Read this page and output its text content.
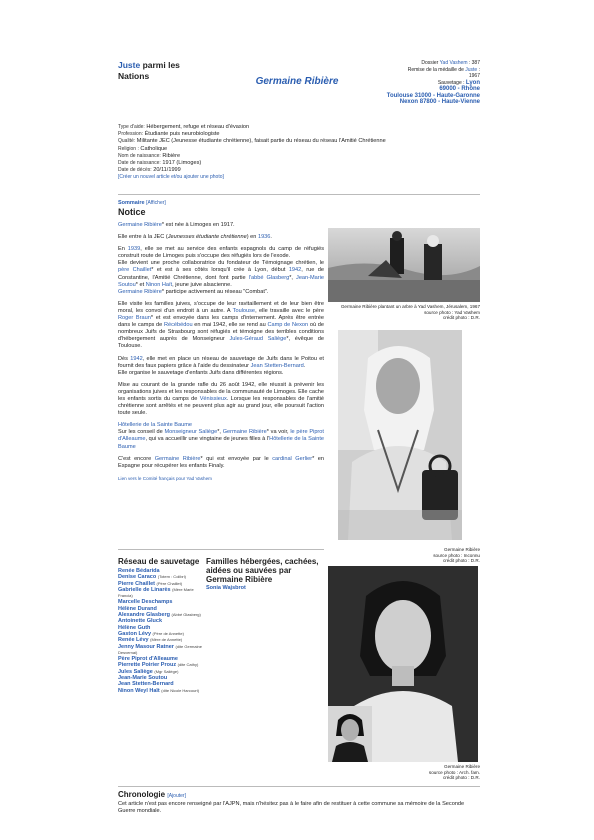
Juste parmi les
Nations	Germaine Ribière
Dossier Yad Vashem : 387
Remise de la médaille de Juste :
1967
Sauvetage : Lyon
69000 - Rhône
Toulouse 31000 - Haute-Garonne
Nexon 87800 - Haute-Vienne
Type d'aide: Hébergement, refuge et réseau d'évasion
Profession: Étudiante puis neurobiologiste
Qualité: Militante JEC (Jeunesse étudiante chrétienne), faisait partie du réseau du réseau l'Amitié Chrétienne
Religion : Catholique
Nom de naissance: Ribière
Date de naissance: 1917 (Limoges)
Date de décès: 20/11/1999
[Créer un nouvel article et/ou ajouter une photo]
Sommaire [Afficher]
Notice

Germaine Ribière* est née à Limoges en 1917.

Elle entre à la JEC (Jeunesses étudiante chrétienne) en 1936.

En 1939, elle se met au service des enfants espagnols du camp de réfugiés construit route de Limoges puis s'occupe des réfugiés lors de l'exode.
Elle devient une proche collaboratrice du fondateur de Témoignage chrétien, le père Chaillet* et est à ses côtés lorsqu'il crée à Lyon, début 1942, rue de Constantine, l'Amitié Chrétienne, dont font partie l'abbé Glasberg*, Jean-Marie Soutou* et Ninon Haït, jeune juive alsacienne.
Germaine Ribière* participe activement au réseau "Combat".

Elle visite les familles juives, s'occupe de leur ravitaillement et de leur bien être moral, les convoi d'un endroit à un autre. A Toulouse, elle travaille avec le père Roger Braun* et est envoyée dans les camps d'internement. Après être entrée dans le camps de Récébédou en mai 1942, elle se rend au Camp de Nexon où de nombreux Juifs de Strasbourg sont réfugiés et témoigne des terribles conditions d'hébergement auprès de Monseigneur Jules-Géraud Saliège*, évêque de Toulouse.

Dès 1942, elle met en place un réseau de sauvetage de Juifs dans le Poitou et fournit des faux papiers grâce à l'aide du dessinateur Jean Stetten-Bernard.
Elle organise le sauvetage d'enfants Juifs dans différentes régions.

Mise au courant de la grande rafle du 26 août 1942, elle réussit à prévenir les organisations juives et les responsables de la communauté de Limoges. Elle cache les enfants sortis du camps de Vénissieux. Lorsque les responsables de l'amitié chrétienne sont arrêtés et ne peuvent plus agir au grand jour, elle poursuit l'action toute seule.

Hôtellerie de la Sainte Baume
Sur les conseil de Monseigneur Saliège*, Germaine Ribière* va voir, le père Piprot d'Alleaume, qui va accueillir une vingtaine de jeunes filles à l'Hôtellerie de la Sainte Baume

C'est encore Germaine Ribière* qui est envoyée par le cardinal Gerlier* en Espagne pour récupérer les enfants Finaly.

Lien vers le Comité français pour Yad Vashem

Germaine Ribière plantant un arbre à Yad Vashem, Jérusalem, 1967
source photo : Yad Vashem
crédit photo : D.R.
Germaine Ribière
source photo : Inconnu
crédit photo : D.R.
Germaine Ribière
source photo : Arch. fam.
crédit photo : D.R.
Réseau de sauvetage
Renée Bédarida
Denise Caraco (Totem : Colibri)
Pierre Chaillet (Père Chaillet)
Gabrielle de Linarès (Mère Marie Francia)
Marcelle Deschamps
Hélène Durand
Alexandre Glasberg (Abbé Glasberg)
Antoinette Gluck
Hélène Guth
Gaston Lévy (Père de Annette)
Renée Lévy (Mère de Annette)
Jenny Masour Ratner (dite Germaine Desvernai)
Père Piprot d'Alleaume
Pierrette Poirier Prouz (dite Cathy)
Jules Saliège (Mgr Saliège)
Jean-Marie Soutou
Jean Stetten-Bernard
Ninon Weyl Haït (dite Nicole Harcourt)
Familles hébergées, cachées, aidées ou sauvées par Germaine Ribière
Sonia Wajsbrot
Chronologie [Ajouter]
Cet article n'est pas encore renseigné par l'AJPN, mais n'hésitez pas à le faire afin de restituer à cette commune sa mémoire de la Seconde Guerre mondiale.
